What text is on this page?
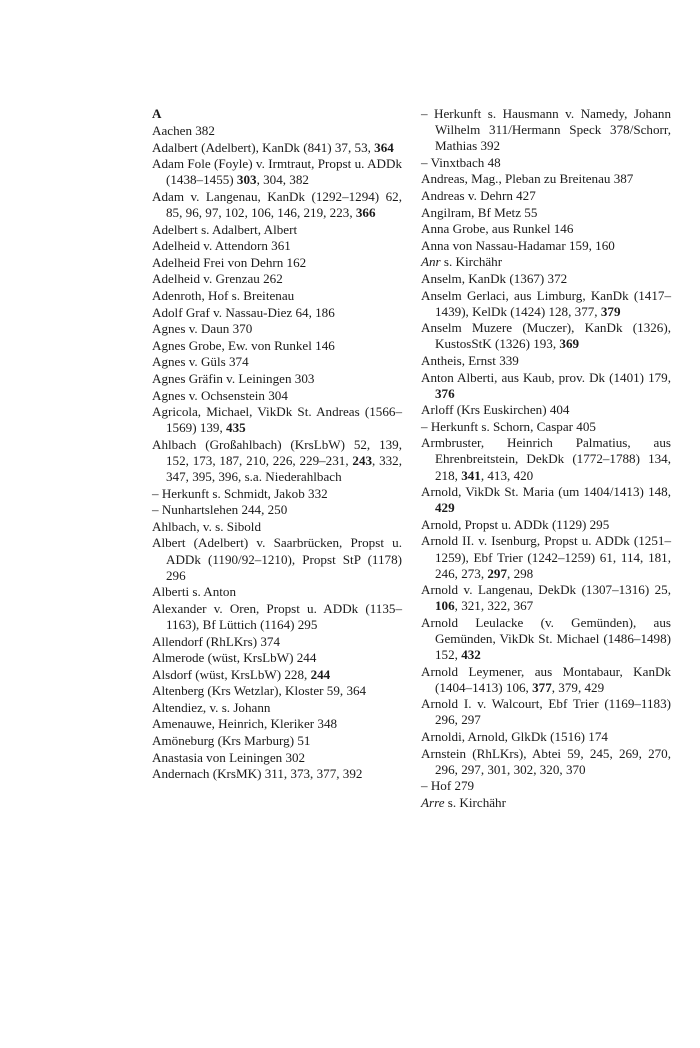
A
Aachen 382
Adalbert (Adelbert), KanDk (841) 37, 53, 364
Adam Fole (Foyle) v. Irmtraut, Propst u. ADDk (1438–1455) 303, 304, 382
Adam v. Langenau, KanDk (1292–1294) 62, 85, 96, 97, 102, 106, 146, 219, 223, 366
Adelbert s. Adalbert, Albert
Adelheid v. Attendorn 361
Adelheid Frei von Dehrn 162
Adelheid v. Grenzau 262
Adenroth, Hof s. Breitenau
Adolf Graf v. Nassau-Diez 64, 186
Agnes v. Daun 370
Agnes Grobe, Ew. von Runkel 146
Agnes v. Güls 374
Agnes Gräfin v. Leiningen 303
Agnes v. Ochsenstein 304
Agricola, Michael, VikDk St. Andreas (1566–1569) 139, 435
Ahlbach (Großahlbach) (KrsLbW) 52, 139, 152, 173, 187, 210, 226, 229–231, 243, 332, 347, 395, 396, s.a. Niederahlbach
– Herkunft s. Schmidt, Jakob 332
– Nunhartslehen 244, 250
Ahlbach, v. s. Sibold
Albert (Adelbert) v. Saarbrücken, Propst u. ADDk (1190/92–1210), Propst StP (1178) 296
Alberti s. Anton
Alexander v. Oren, Propst u. ADDk (1135–1163), Bf Lüttich (1164) 295
Allendorf (RhLKrs) 374
Almerode (wüst, KrsLbW) 244
Alsdorf (wüst, KrsLbW) 228, 244
Altenberg (Krs Wetzlar), Kloster 59, 364
Altendiez, v. s. Johann
Amenauwe, Heinrich, Kleriker 348
Amöneburg (Krs Marburg) 51
Anastasia von Leiningen 302
Andernach (KrsMK) 311, 373, 377, 392
– Herkunft s. Hausmann v. Namedy, Johann Wilhelm 311/Hermann Speck 378/Schorr, Mathias 392
– Vinxtbach 48
Andreas, Mag., Pleban zu Breitenau 387
Andreas v. Dehrn 427
Angilram, Bf Metz 55
Anna Grobe, aus Runkel 146
Anna von Nassau-Hadamar 159, 160
Anr s. Kirchähr
Anselm, KanDk (1367) 372
Anselm Gerlaci, aus Limburg, KanDk (1417–1439), KelDk (1424) 128, 377, 379
Anselm Muzere (Muczer), KanDk (1326), KustosStK (1326) 193, 369
Antheis, Ernst 339
Anton Alberti, aus Kaub, prov. Dk (1401) 179, 376
Arloff (Krs Euskirchen) 404
– Herkunft s. Schorn, Caspar 405
Armbruster, Heinrich Palmatius, aus Ehrenbreitstein, DekDk (1772–1788) 134, 218, 341, 413, 420
Arnold, VikDk St. Maria (um 1404/1413) 148, 429
Arnold, Propst u. ADDk (1129) 295
Arnold II. v. Isenburg, Propst u. ADDk (1251–1259), Ebf Trier (1242–1259) 61, 114, 181, 246, 273, 297, 298
Arnold v. Langenau, DekDk (1307–1316) 25, 106, 321, 322, 367
Arnold Leulacke (v. Gemünden), aus Gemünden, VikDk St. Michael (1486–1498) 152, 432
Arnold Leymener, aus Montabaur, KanDk (1404–1413) 106, 377, 379, 429
Arnold I. v. Walcourt, Ebf Trier (1169–1183) 296, 297
Arnoldi, Arnold, GlkDk (1516) 174
Arnstein (RhLKrs), Abtei 59, 245, 269, 270, 296, 297, 301, 302, 320, 370
– Hof 279
Arre s. Kirchähr
